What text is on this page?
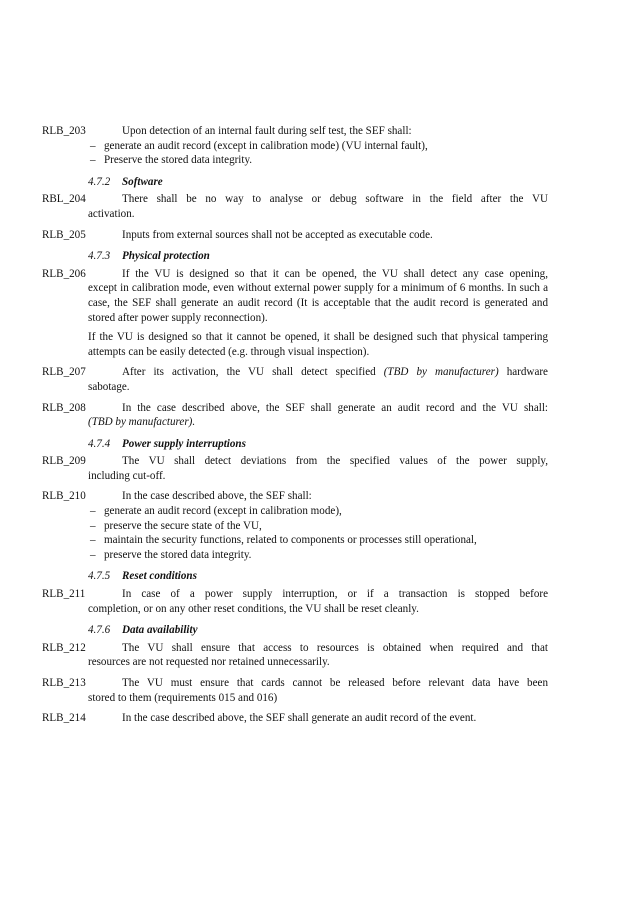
RLB_203	Upon detection of an internal fault during self test, the SEF shall:
– generate an audit record (except in calibration mode) (VU internal fault),
– Preserve the stored data integrity.
4.7.2 Software
RBL_204	There shall be no way to analyse or debug software in the field after the VU
activation.
RLB_205	Inputs from external sources shall not be accepted as executable code.
4.7.3 Physical protection
RLB_206	If the VU is designed so that it can be opened, the VU shall detect any case opening,
except in calibration mode, even without external power supply for a minimum of 6 months. In such a case, the SEF shall generate an audit record (It is acceptable that the audit record is generated and stored after power supply reconnection).
If the VU is designed so that it cannot be opened, it shall be designed such that physical tampering attempts can be easily detected (e.g. through visual inspection).
RLB_207	After its activation, the VU shall detect specified (TBD by manufacturer) hardware
sabotage.
RLB_208	In the case described above, the SEF shall generate an audit record and the VU shall:
(TBD by manufacturer).
4.7.4 Power supply interruptions
RLB_209	The VU shall detect deviations from the specified values of the power supply,
including cut-off.
RLB_210	In the case described above, the SEF shall:
– generate an audit record (except in calibration mode),
– preserve the secure state of the VU,
– maintain the security functions, related to components or processes still operational,
– preserve the stored data integrity.
4.7.5 Reset conditions
RLB_211	In case of a power supply interruption, or if a transaction is stopped before
completion, or on any other reset conditions, the VU shall be reset cleanly.
4.7.6 Data availability
RLB_212	The VU shall ensure that access to resources is obtained when required and that
resources are not requested nor retained unnecessarily.
RLB_213	The VU must ensure that cards cannot be released before relevant data have been
stored to them (requirements 015 and 016)
RLB_214	In the case described above, the SEF shall generate an audit record of the event.
